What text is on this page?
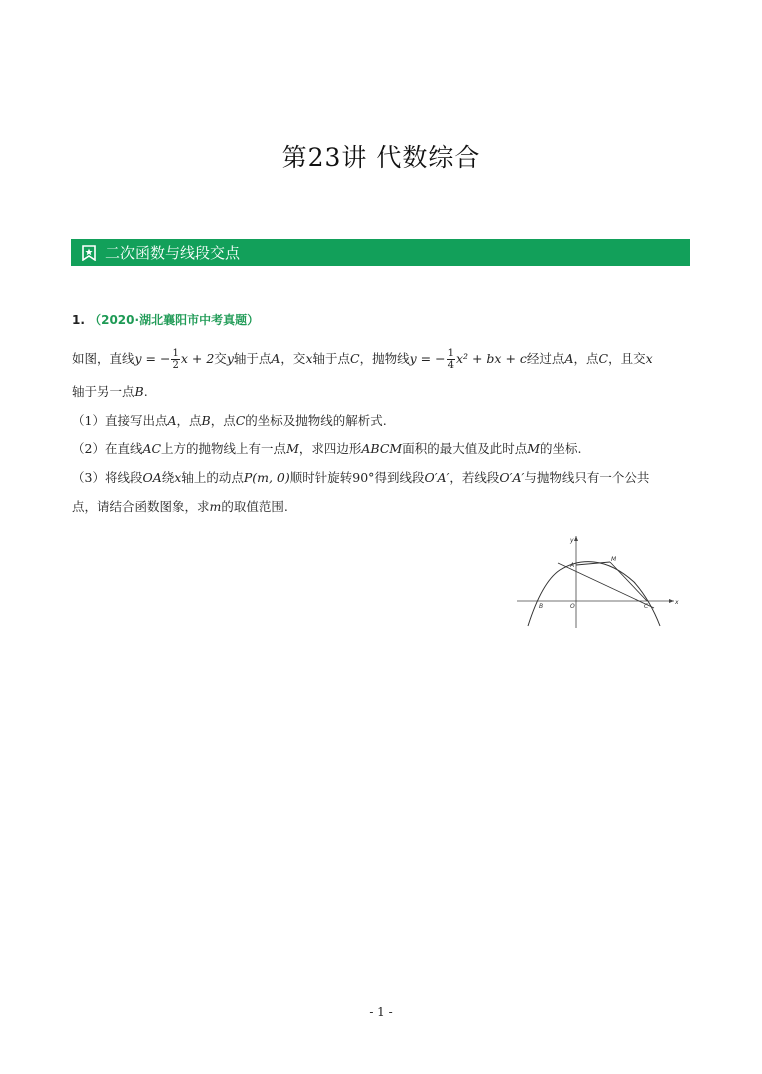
第23讲 代数综合
二次函数与线段交点
1. （2020·湖北襄阳市中考真题）
如图，直线y = − $\frac{1}{2}$ x + 2交y轴于点A，交x轴于点C，抛物线y = − $\frac{1}{4} x^2$ + bx + c经过点A，点C，且交x
轴于另一点B.
（1）直接写出点A，点B，点C的坐标及抛物线的解析式.
（2）在直线AC上方的抛物线上有一点M，求四边形ABCM面积的最大值及此时点M的坐标.
（3）将线段OA绕x轴上的动点P(m, 0)顺时针旋转90°得到线段O′A′，若线段O′A′与抛物线只有一个公共
点，请结合函数图象，求m的取值范围.
y
x
A
M
B	O	C
- 1 -
